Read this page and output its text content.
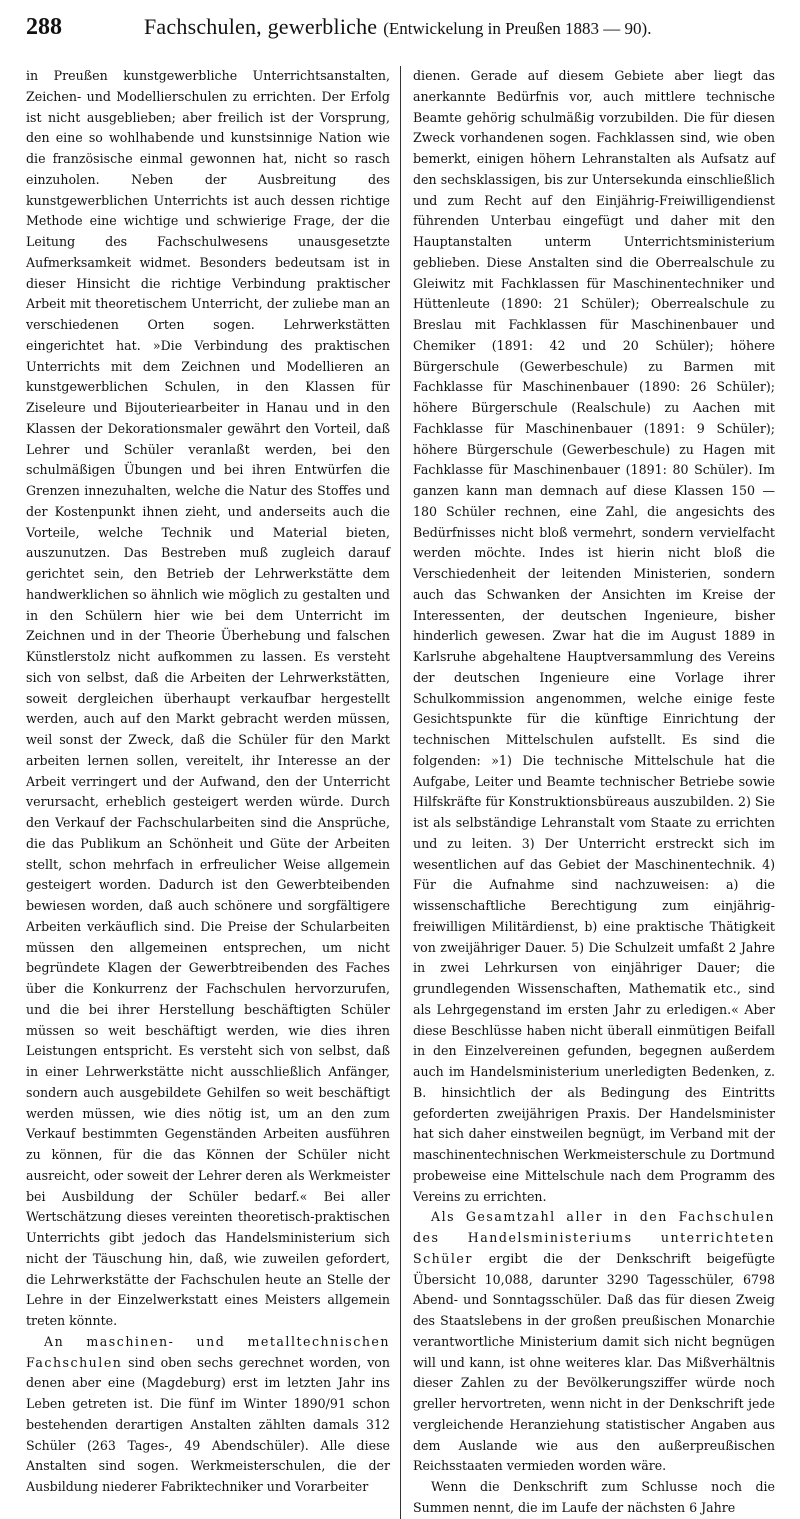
288	Fachschulen, gewerbliche (Entwickelung in Preußen 1883 — 90).

in Preußen kunstgewerbliche Unterrichtsanstalten, Zeichen- und Modellierschulen zu errichten. Der Erfolg ist nicht ausgeblieben; aber freilich ist der Vorsprung, den eine so wohlhabende und kunstsinnige Nation wie die französische einmal gewonnen hat, nicht so rasch einzuholen. Neben der Ausbreitung des kunstgewerblichen Unterrichts ist auch dessen richtige Methode eine wichtige und schwierige Frage, der die Leitung des Fachschulwesens unausgesetzte Aufmerksamkeit widmet. Besonders bedeutsam ist in dieser Hinsicht die richtige Verbindung praktischer Arbeit mit theoretischem Unterricht, der zuliebe man an verschiedenen Orten sogen. Lehrwerkstätten eingerichtet hat. »Die Verbindung des praktischen Unterrichts mit dem Zeichnen und Modellieren an kunstgewerblichen Schulen, in den Klassen für Ziseleure und Bijouteriearbeiter in Hanau und in den Klassen der Dekorationsmaler gewährt den Vorteil, daß Lehrer und Schüler veranlaßt werden, bei den schulmäßigen Übungen und bei ihren Entwürfen die Grenzen innezuhalten, welche die Natur des Stoffes und der Kostenpunkt ihnen zieht, und anderseits auch die Vorteile, welche Technik und Material bieten, auszunutzen. Das Bestreben muß zugleich darauf gerichtet sein, den Betrieb der Lehrwerkstätte dem handwerklichen so ähnlich wie möglich zu gestalten und in den Schülern hier wie bei dem Unterricht im Zeichnen und in der Theorie Überhebung und falschen Künstlerstolz nicht aufkommen zu lassen. Es versteht sich von selbst, daß die Arbeiten der Lehrwerkstätten, soweit dergleichen überhaupt verkaufbar hergestellt werden, auch auf den Markt gebracht werden müssen, weil sonst der Zweck, daß die Schüler für den Markt arbeiten lernen sollen, vereitelt, ihr Interesse an der Arbeit verringert und der Aufwand, den der Unterricht verursacht, erheblich gesteigert werden würde. Durch den Verkauf der Fachschularbeiten sind die Ansprüche, die das Publikum an Schönheit und Güte der Arbeiten stellt, schon mehrfach in erfreulicher Weise allgemein gesteigert worden. Dadurch ist den Gewerbteibenden bewiesen worden, daß auch schönere und sorgfältigere Arbeiten verkäuflich sind. Die Preise der Schularbeiten müssen den allgemeinen entsprechen, um nicht begründete Klagen der Gewerbtreibenden des Faches über die Konkurrenz der Fachschulen hervorzurufen, und die bei ihrer Herstellung beschäftigten Schüler müssen so weit beschäftigt werden, wie dies ihren Leistungen entspricht. Es versteht sich von selbst, daß in einer Lehrwerkstätte nicht ausschließlich Anfänger, sondern auch ausgebildete Gehilfen so weit beschäftigt werden müssen, wie dies nötig ist, um an den zum Verkauf bestimmten Gegenständen Arbeiten ausführen zu können, für die das Können der Schüler nicht ausreicht, oder soweit der Lehrer deren als Werkmeister bei Ausbildung der Schüler bedarf.« Bei aller Wertschätzung dieses vereinten theoretisch-praktischen Unterrichts gibt jedoch das Handelsministerium sich nicht der Täuschung hin, daß, wie zuweilen gefordert, die Lehrwerkstätte der Fachschulen heute an Stelle der Lehre in der Einzelwerkstatt eines Meisters allgemein treten könnte.

An maschinen- und metalltechnischen Fachschulen sind oben sechs gerechnet worden, von denen aber eine (Magdeburg) erst im letzten Jahr ins Leben getreten ist. Die fünf im Winter 1890/91 schon bestehenden derartigen Anstalten zählten damals 312 Schüler (263 Tages-, 49 Abendschüler). Alle diese Anstalten sind sogen. Werkmeisterschulen, die der Ausbildung niederer Fabriktechniker und Vorarbeiter

dienen. Gerade auf diesem Gebiete aber liegt das anerkannte Bedürfnis vor, auch mittlere technische Beamte gehörig schulmäßig vorzubilden. Die für diesen Zweck vorhandenen sogen. Fachklassen sind, wie oben bemerkt, einigen höhern Lehranstalten als Aufsatz auf den sechsklassigen, bis zur Untersekunda einschließlich und zum Recht auf den Einjährig-Freiwilligendienst führenden Unterbau eingefügt und daher mit den Hauptanstalten unterm Unterrichtsministerium geblieben. Diese Anstalten sind die Oberrealschule zu Gleiwitz mit Fachklassen für Maschinentechniker und Hüttenleute (1890: 21 Schüler); Oberrealschule zu Breslau mit Fachklassen für Maschinenbauer und Chemiker (1891: 42 und 20 Schüler); höhere Bürgerschule (Gewerbeschule) zu Barmen mit Fachklasse für Maschinenbauer (1890: 26 Schüler); höhere Bürgerschule (Realschule) zu Aachen mit Fachklasse für Maschinenbauer (1891: 9 Schüler); höhere Bürgerschule (Gewerbeschule) zu Hagen mit Fachklasse für Maschinenbauer (1891: 80 Schüler). Im ganzen kann man demnach auf diese Klassen 150 — 180 Schüler rechnen, eine Zahl, die angesichts des Bedürfnisses nicht bloß vermehrt, sondern vervielfacht werden möchte. Indes ist hierin nicht bloß die Verschiedenheit der leitenden Ministerien, sondern auch das Schwanken der Ansichten im Kreise der Interessenten, der deutschen Ingenieure, bisher hinderlich gewesen. Zwar hat die im August 1889 in Karlsruhe abgehaltene Hauptversammlung des Vereins der deutschen Ingenieure eine Vorlage ihrer Schulkommission angenommen, welche einige feste Gesichtspunkte für die künftige Einrichtung der technischen Mittelschulen aufstellt. Es sind die folgenden: »1) Die technische Mittelschule hat die Aufgabe, Leiter und Beamte technischer Betriebe sowie Hilfskräfte für Konstruktionsbüreaus auszubilden. 2) Sie ist als selbständige Lehranstalt vom Staate zu errichten und zu leiten. 3) Der Unterricht erstreckt sich im wesentlichen auf das Gebiet der Maschinentechnik. 4) Für die Aufnahme sind nachzuweisen: a) die wissenschaftliche Berechtigung zum einjährig-freiwilligen Militärdienst, b) eine praktische Thätigkeit von zweijähriger Dauer. 5) Die Schulzeit umfaßt 2 Jahre in zwei Lehrkursen von einjähriger Dauer; die grundlegenden Wissenschaften, Mathematik etc., sind als Lehrgegenstand im ersten Jahr zu erledigen.« Aber diese Beschlüsse haben nicht überall einmütigen Beifall in den Einzelvereinen gefunden, begegnen außerdem auch im Handelsministerium unerledigten Bedenken, z. B. hinsichtlich der als Bedingung des Eintritts geforderten zweijährigen Praxis. Der Handelsminister hat sich daher einstweilen begnügt, im Verband mit der maschinentechnischen Werkmeisterschule zu Dortmund probeweise eine Mittelschule nach dem Programm des Vereins zu errichten.

Als Gesamtzahl aller in den Fachschulen des Handelsministeriums unterrichteten Schüler ergibt die der Denkschrift beigefügte Übersicht 10,088, darunter 3290 Tagesschüler, 6798 Abend- und Sonntagsschüler. Daß das für diesen Zweig des Staatslebens in der großen preußischen Monarchie verantwortliche Ministerium damit sich nicht begnügen will und kann, ist ohne weiteres klar. Das Mißverhältnis dieser Zahlen zu der Bevölkerungsziffer würde noch greller hervortreten, wenn nicht in der Denkschrift jede vergleichende Heranziehung statistischer Angaben aus dem Auslande wie aus den außerpreußischen Reichsstaaten vermieden worden wäre.

Wenn die Denkschrift zum Schlusse noch die Summen nennt, die im Laufe der nächsten 6 Jahre
